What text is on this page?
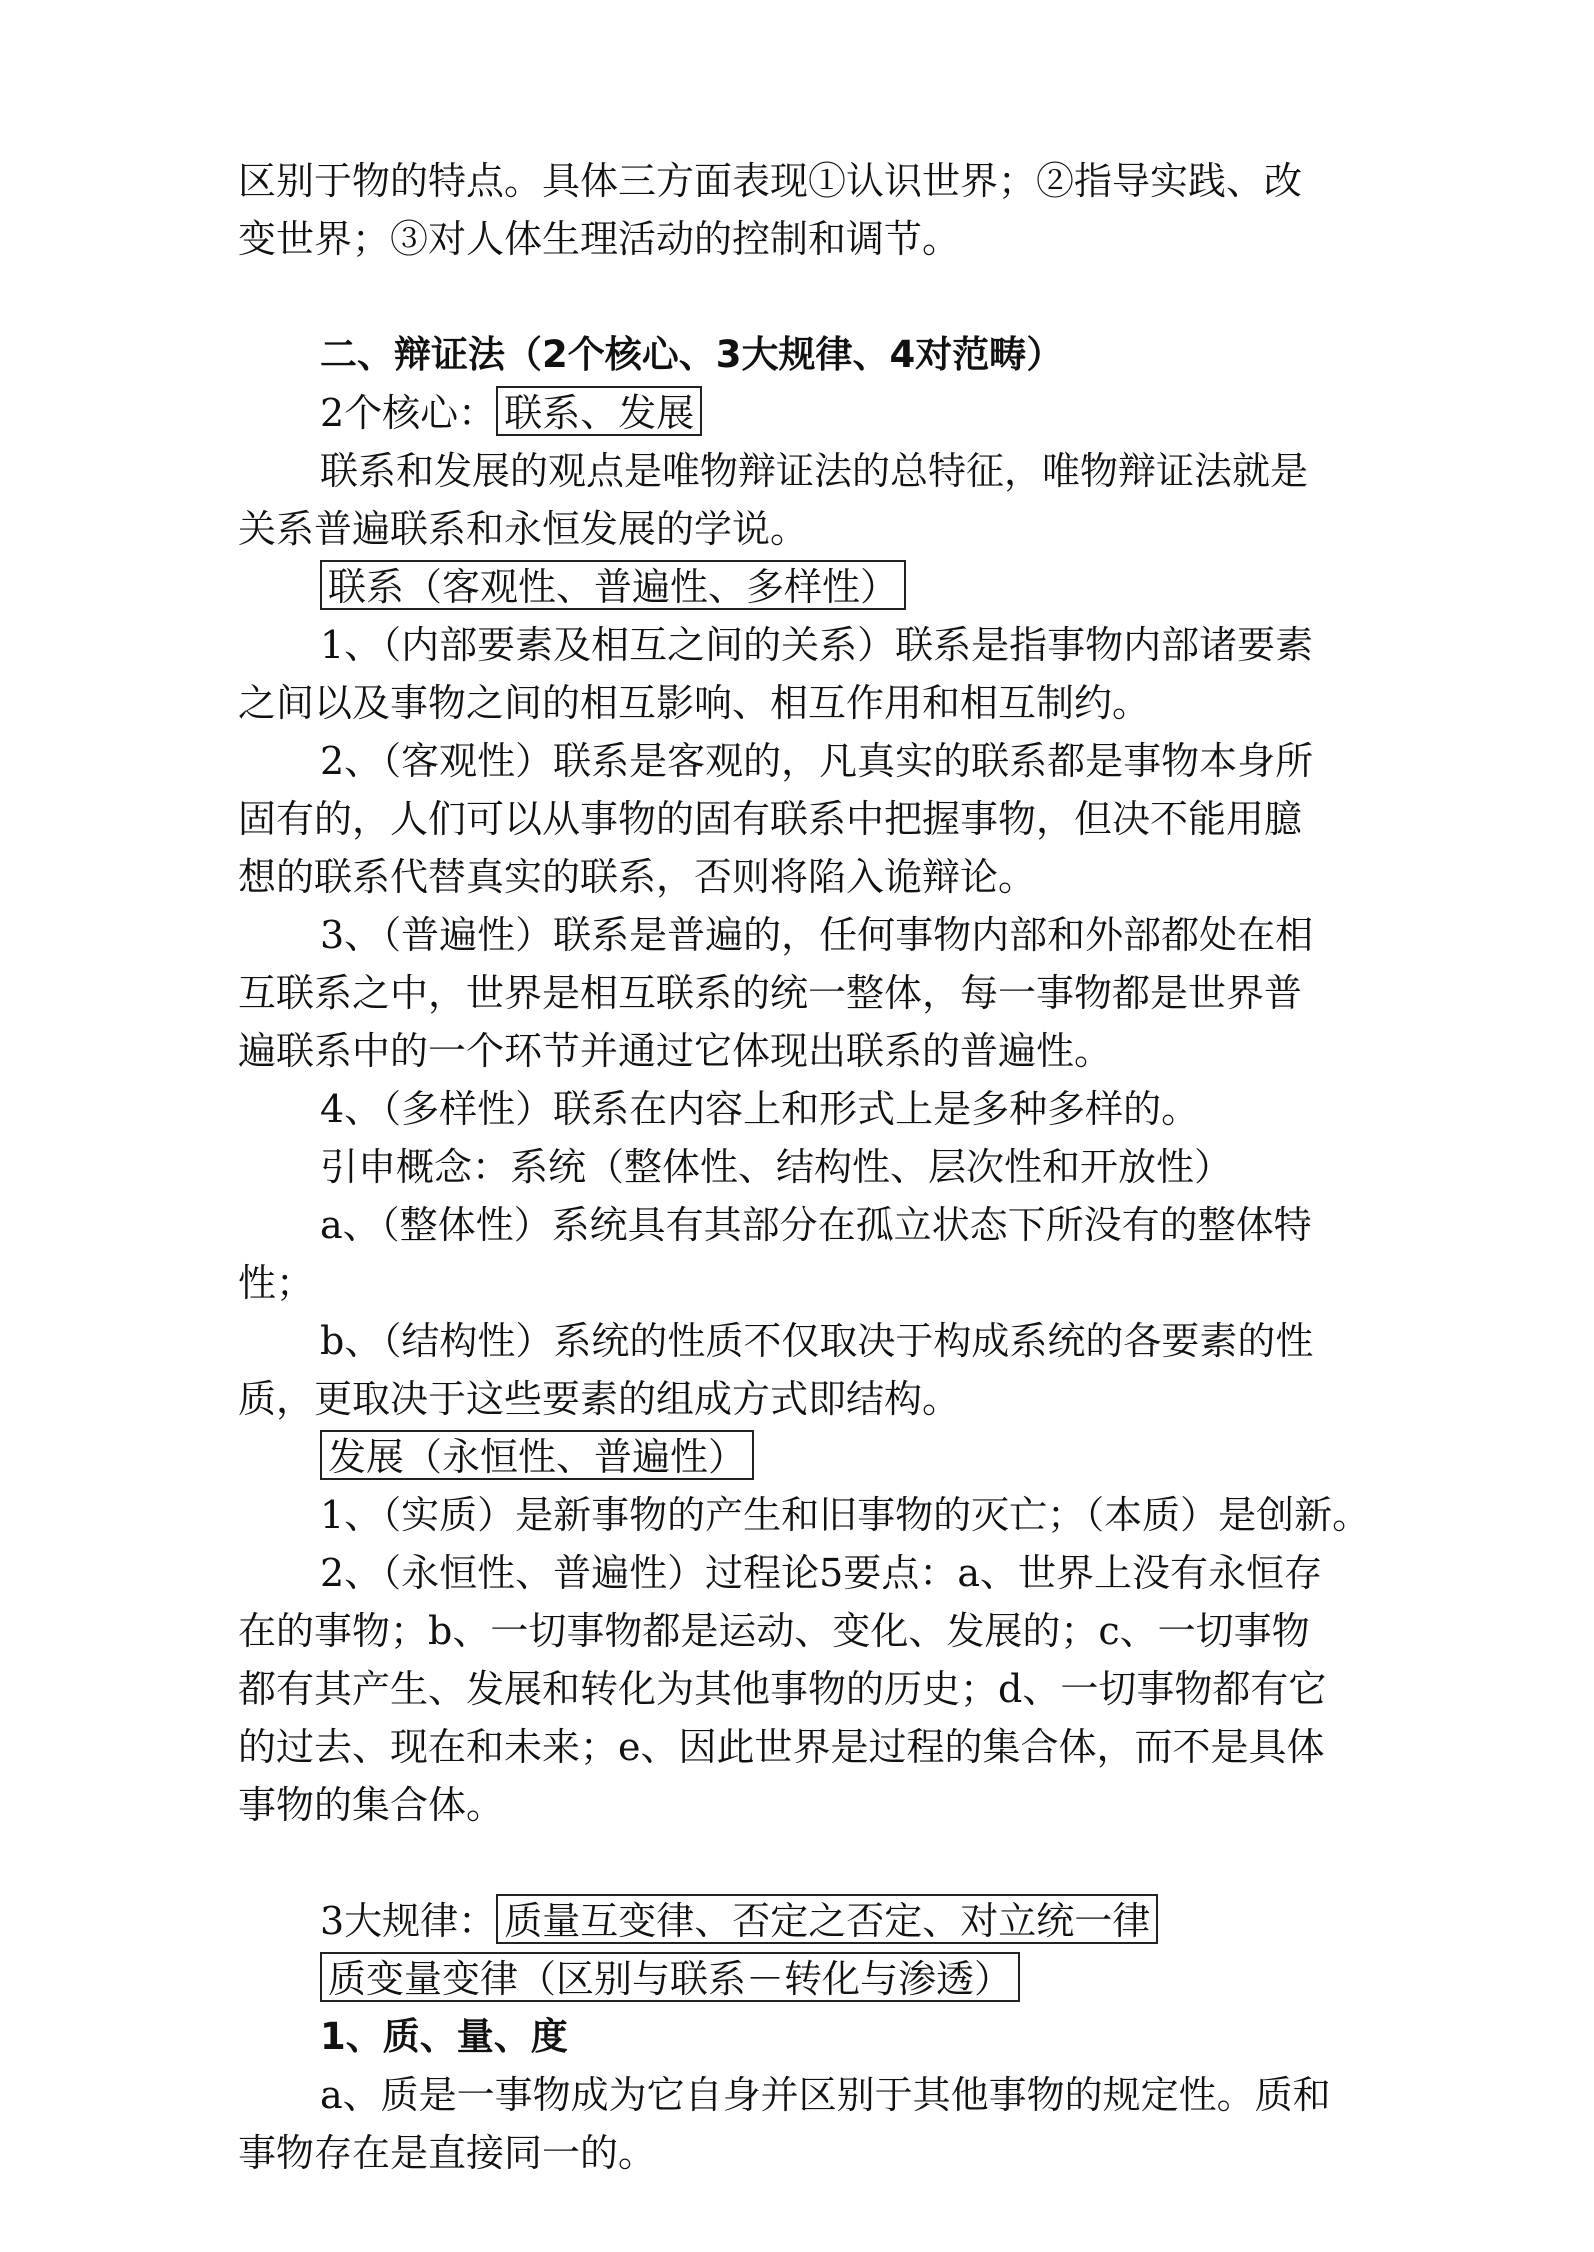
区别于物的特点。具体三方面表现①认识世界；②指导实践、改
变世界；③对人体生理活动的控制和调节。
二、辩证法（2个核心、3大规律、4对范畴）
2个核心： 联系、发展
联系和发展的观点是唯物辩证法的总特征，唯物辩证法就是
关系普遍联系和永恒发展的学说。
联系（客观性、普遍性、多样性）
1、（内部要素及相互之间的关系）联系是指事物内部诸要素
之间以及事物之间的相互影响、相互作用和相互制约。
2、（客观性）联系是客观的，凡真实的联系都是事物本身所
固有的，人们可以从事物的固有联系中把握事物，但决不能用臆
想的联系代替真实的联系，否则将陷入诡辩论。
3、（普遍性）联系是普遍的，任何事物内部和外部都处在相
互联系之中，世界是相互联系的统一整体，每一事物都是世界普
遍联系中的一个环节并通过它体现出联系的普遍性。
4、（多样性）联系在内容上和形式上是多种多样的。
引申概念：系统（整体性、结构性、层次性和开放性）
a、（整体性）系统具有其部分在孤立状态下所没有的整体特
性；
b、（结构性）系统的性质不仅取决于构成系统的各要素的性
质，更取决于这些要素的组成方式即结构。
发展（永恒性、普遍性）
1、（实质）是新事物的产生和旧事物的灭亡；（本质）是创新。
2、（永恒性、普遍性）过程论5要点：a、世界上没有永恒存
在的事物；b、一切事物都是运动、变化、发展的；c、一切事物
都有其产生、发展和转化为其他事物的历史；d、一切事物都有它
的过去、现在和未来；e、因此世界是过程的集合体，而不是具体
事物的集合体。
3大规律： 质量互变律、否定之否定、对立统一律
质变量变律（区别与联系－转化与渗透）
1、质、量、度
a、质是一事物成为它自身并区别于其他事物的规定性。质和
事物存在是直接同一的。
